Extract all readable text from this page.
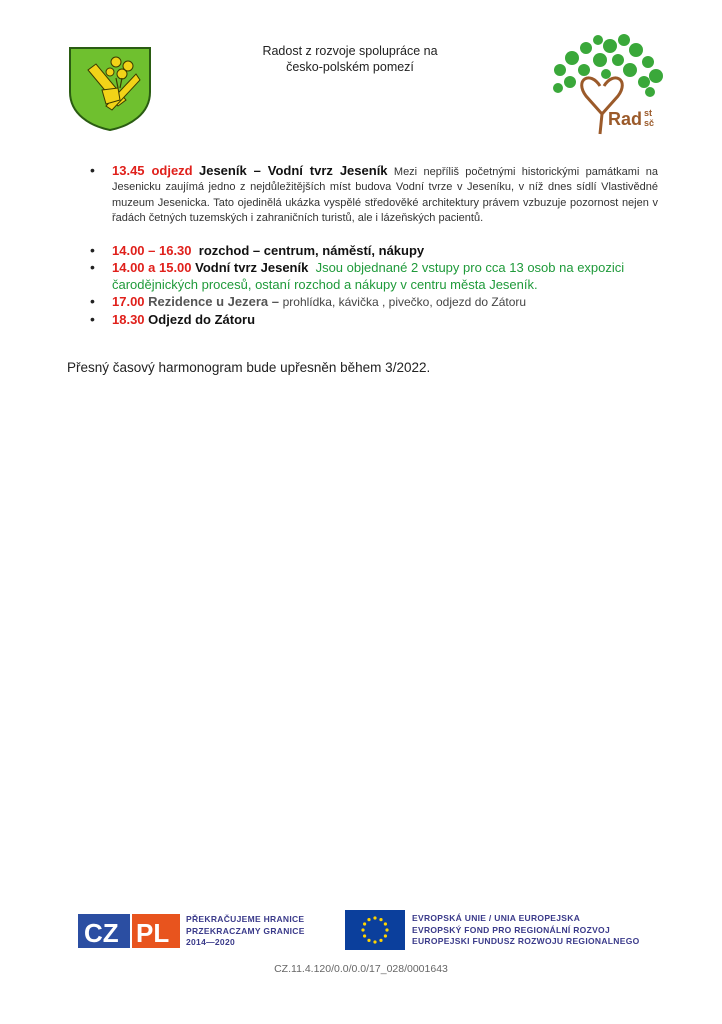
Radost z rozvoje spolupráce na
česko-polském pomezí
Rad st
sč
• 13.45 odjezd Jeseník – Vodní tvrz Jeseník Mezi nepříliš početnými historickými památkami na Jesenicku zaujímá jedno z nejdůležitějších míst budova Vodní tvrze v Jeseníku, v níž dnes sídlí Vlastivědné muzeum Jesenicka. Tato ojedinělá ukázka vyspělé středověké architektury právem vzbuzuje pozornost nejen v řadách četných tuzemských i zahraničních turistů, ale i lázeňských pacientů.
• 14.00 – 16.30 rozchod – centrum, náměstí, nákupy
• 14.00 a 15.00 Vodní tvrz Jeseník Jsou objednané 2 vstupy pro cca 13 osob na expozici čarodějnických procesů, ostaní rozchod a nákupy v centru města Jeseník.
• 17.00 Rezidence u Jezera – prohlídka, kávička , pivečko, odjezd do Zátoru
• 18.30 Odjezd do Zátoru
Přesný časový harmonogram bude upřesněn během 3/2022.
CZ PL PŘEKRAČUJEME HRANICE
PRZEKRACZAMY GRANICE
2014—2020
EVROPSKÁ UNIE / UNIA EUROPEJSKA
EVROPSKÝ FOND PRO REGIONÁLNÍ ROZVOJ
EUROPEJSKI FUNDUSZ ROZWOJU REGIONALNEGO
CZ.11.4.120/0.0/0.0/17_028/0001643
